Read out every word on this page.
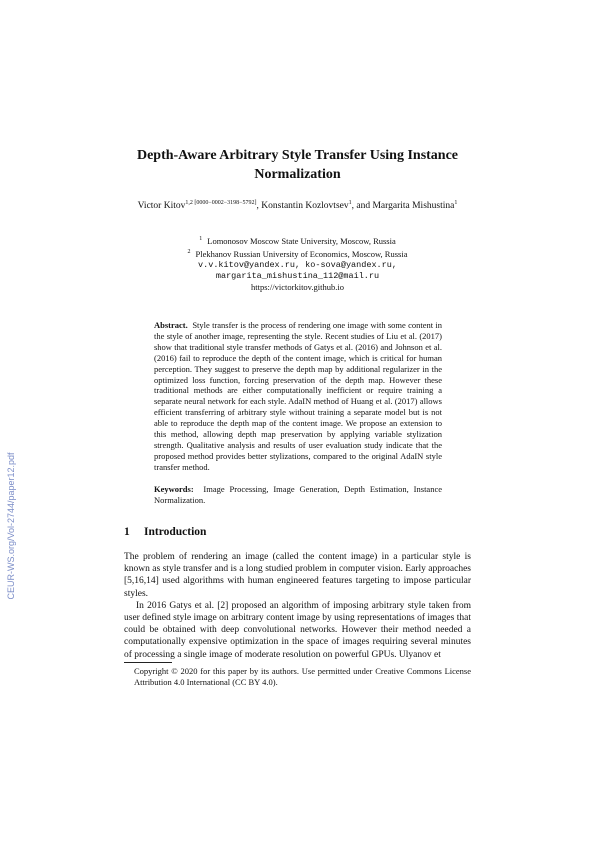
CEUR-WS.org/Vol-2744/paper12.pdf
Depth-Aware Arbitrary Style Transfer Using Instance Normalization
Victor Kitov$^{1,2 [0000-0002-3198-5792]}$, Konstantin Kozlovtsev$^1$, and Margarita Mishustina$^1$
$^1$ Lomonosov Moscow State University, Moscow, Russia
$^2$ Plekhanov Russian University of Economics, Moscow, Russia
v.v.kitov@yandex.ru, ko-sova@yandex.ru,
margarita_mishustina_112@mail.ru
https://victorkitov.github.io
Abstract. Style transfer is the process of rendering one image with some content in the style of another image, representing the style. Recent studies of Liu et al. (2017) show that traditional style transfer methods of Gatys et al. (2016) and Johnson et al. (2016) fail to reproduce the depth of the content image, which is critical for human perception. They suggest to preserve the depth map by additional regularizer in the optimized loss function, forcing preservation of the depth map. However these traditional methods are either computationally inefficient or require training a separate neural network for each style. AdaIN method of Huang et al. (2017) allows efficient transferring of arbitrary style without training a separate model but is not able to reproduce the depth map of the content image. We propose an extension to this method, allowing depth map preservation by applying variable stylization strength. Qualitative analysis and results of user evaluation study indicate that the proposed method provides better stylizations, compared to the original AdaIN style transfer method.
Keywords: Image Processing, Image Generation, Depth Estimation, Instance Normalization.
1 Introduction

The problem of rendering an image (called the content image) in a particular style is known as style transfer and is a long studied problem in computer vision. Early approaches [5,16,14] used algorithms with human engineered features targeting to impose particular styles.

In 2016 Gatys et al. [2] proposed an algorithm of imposing arbitrary style taken from user defined style image on arbitrary content image by using representations of images that could be obtained with deep convolutional networks. However their method needed a computationally expensive optimization in the space of images requiring several minutes of processing a single image of moderate resolution on powerful GPUs. Ulyanov et

Copyright © 2020 for this paper by its authors. Use permitted under Creative Commons License Attribution 4.0 International (CC BY 4.0).
